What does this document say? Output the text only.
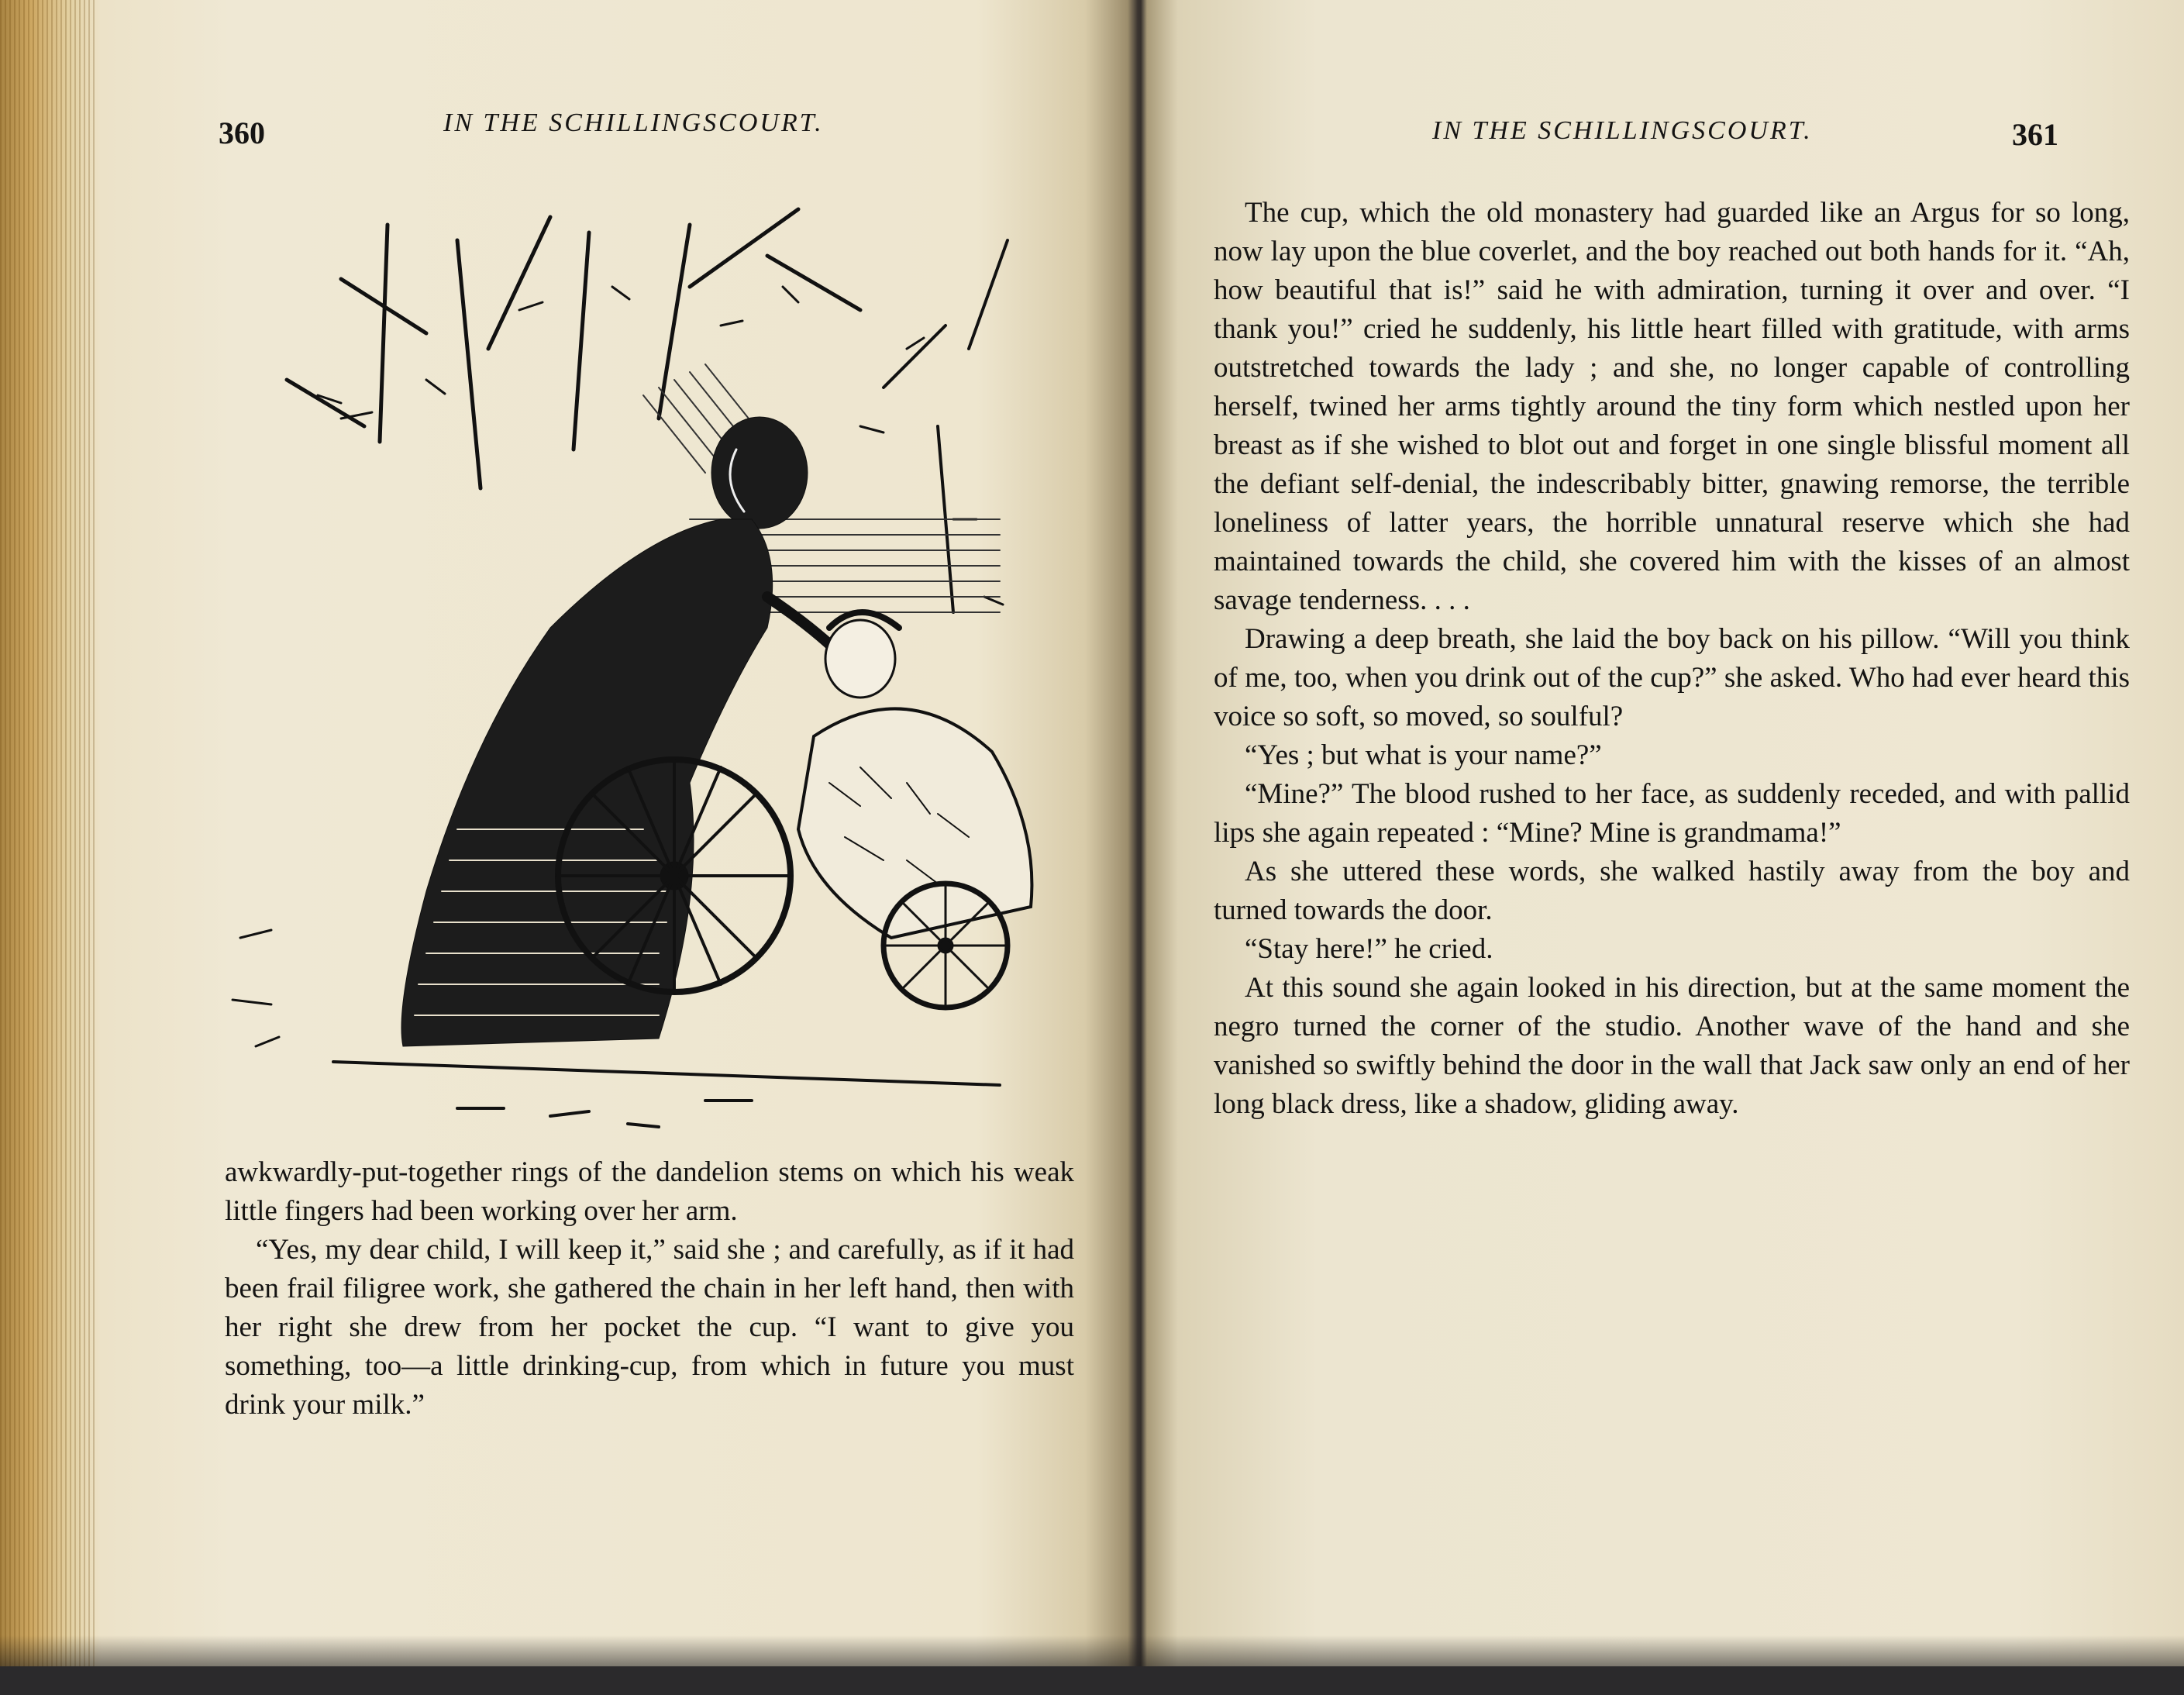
360	IN THE SCHILLINGSCOURT.

awkwardly-put-together rings of the dandelion stems on which his weak little fingers had been working over her arm.

“Yes, my dear child, I will keep it,” said she ; and carefully, as if it had been frail filigree work, she gathered the chain in her left hand, then with her right she drew from her pocket the cup. “I want to give you something, too—a little drinking-cup, from which in future you must drink your milk.”

IN THE SCHILLINGSCOURT.	361

The cup, which the old monastery had guarded like an Argus for so long, now lay upon the blue coverlet, and the boy reached out both hands for it. “Ah, how beautiful that is!” said he with admiration, turning it over and over. “I thank you!” cried he suddenly, his little heart filled with gratitude, with arms outstretched towards the lady ; and she, no longer capable of controlling herself, twined her arms tightly around the tiny form which nestled upon her breast as if she wished to blot out and forget in one single blissful moment all the defiant self-denial, the indescribably bitter, gnawing remorse, the terrible loneliness of latter years, the horrible unnatural reserve which she had maintained towards the child, she covered him with the kisses of an almost savage tenderness. . . .

Drawing a deep breath, she laid the boy back on his pillow. “Will you think of me, too, when you drink out of the cup?” she asked. Who had ever heard this voice so soft, so moved, so soulful?

“Yes ; but what is your name?”

“Mine?” The blood rushed to her face, as suddenly receded, and with pallid lips she again repeated : “Mine? Mine is grandmama!”

As she uttered these words, she walked hastily away from the boy and turned towards the door.

“Stay here!” he cried.

At this sound she again looked in his direction, but at the same moment the negro turned the corner of the studio. Another wave of the hand and she vanished so swiftly behind the door in the wall that Jack saw only an end of her long black dress, like a shadow, gliding away.
